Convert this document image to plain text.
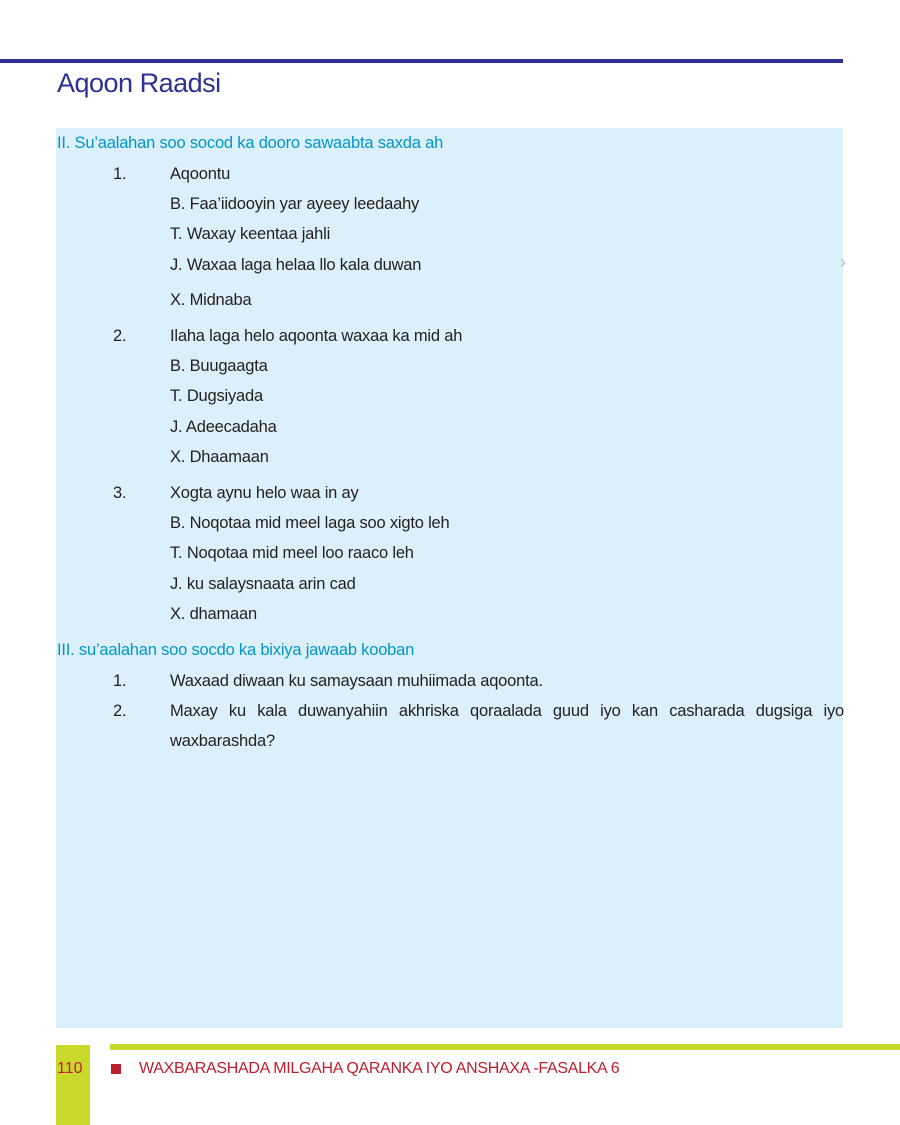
Aqoon Raadsi
›
II. Su’aalahan soo socod ka dooro sawaabta saxda ah
1.	Aqoontu
B. Faa’iidooyin yar ayeey leedaahy
T. Waxay keentaa jahli
J. Waxaa laga helaa llo kala duwan
X. Midnaba
2.	Ilaha laga helo aqoonta waxaa ka mid ah
B. Buugaagta
T. Dugsiyada
J. Adeecadaha
X. Dhaamaan
3.	Xogta aynu helo waa in ay
B. Noqotaa mid meel laga soo xigto leh
T. Noqotaa mid meel loo raaco leh
J. ku salaysnaata arin cad
X. dhamaan
III. su’aalahan soo socdo ka bixiya jawaab kooban
1.	Waxaad diwaan ku samaysaan muhiimada aqoonta.
2.	Maxay ku kala duwanyahiin akhriska qoraalada guud iyo kan casharada dugsiga iyo waxbarashda?
110	WAXBARASHADA MILGAHA QARANKA IYO ANSHAXA -FASALKA 6
